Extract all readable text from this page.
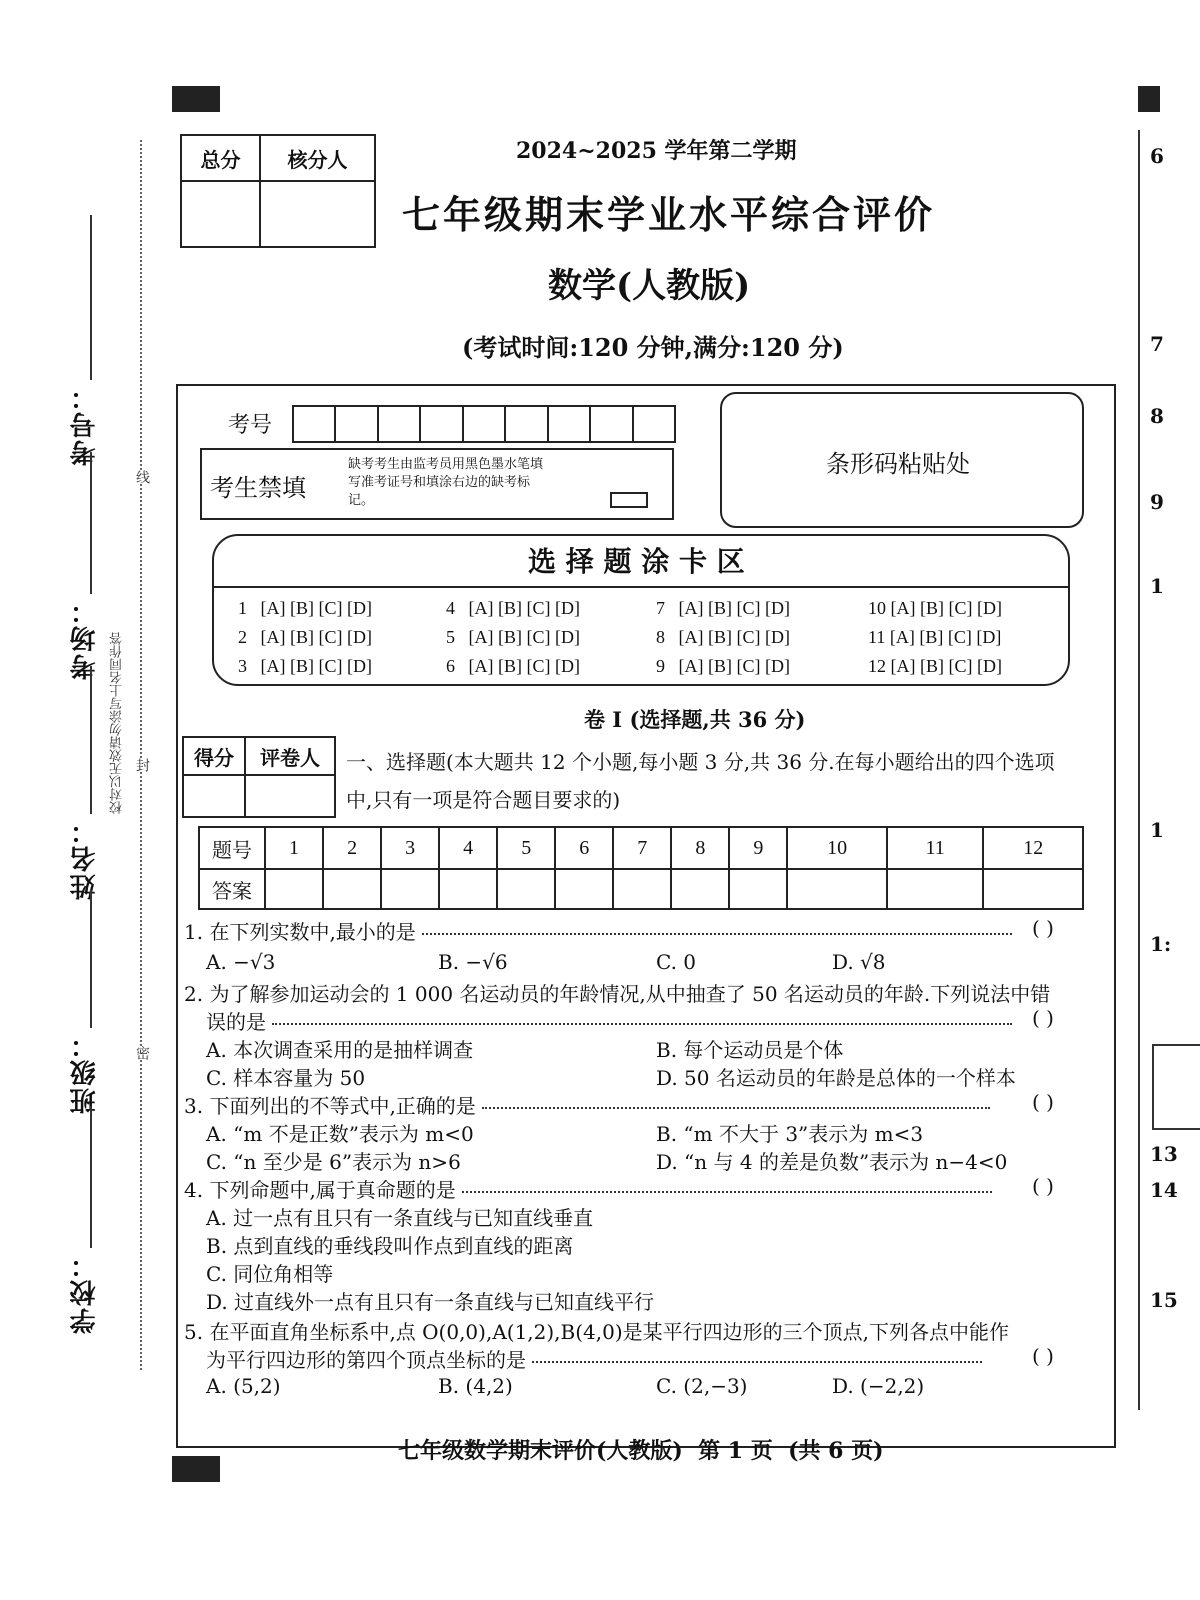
考号：
考场：
姓名：
班级：
学校：
线
封
密
校对以无效请勿涂写上名同作答
总分	核分人
		2024~2025 学年第二学期
七年级期末学业水平综合评价
数学(人教版)
(考试时间:120 分钟,满分:120 分)
考号
考生禁填
缺考考生由监考员用黑色墨水笔填写准考证号和填涂右边的缺考标记。
条形码粘贴处
选 择 题 涂 卡 区
1 [A] [B] [C] [D]
2 [A] [B] [C] [D]
3 [A] [B] [C] [D]
4 [A] [B] [C] [D]
5 [A] [B] [C] [D]
6 [A] [B] [C] [D]
7 [A] [B] [C] [D]
8 [A] [B] [C] [D]
9 [A] [B] [C] [D]
10 [A] [B] [C] [D]
11 [A] [B] [C] [D]
12 [A] [B] [C] [D]
卷 I (选择题,共 36 分)
得分	评卷人
	一、选择题(本大题共 12 个小题,每小题 3 分,共 36 分.在每小题给出的四个选项
中,只有一项是符合题目要求的)
题号	1	2	3	4	5	6	7	8	9	10	11	12
答案												
1. 在下列实数中,最小的是	( )
A. −√3	B. −√6	C. 0	D. √8
2. 为了解参加运动会的 1 000 名运动员的年龄情况,从中抽查了 50 名运动员的年龄.下列说法中错
误的是	( )
A. 本次调查采用的是抽样调查	B. 每个运动员是个体
C. 样本容量为 50	D. 50 名运动员的年龄是总体的一个样本
3. 下面列出的不等式中,正确的是	( )
A. “m 不是正数”表示为 m<0	B. “m 不大于 3”表示为 m<3
C. “n 至少是 6”表示为 n>6	D. “n 与 4 的差是负数”表示为 n−4<0
4. 下列命题中,属于真命题的是	( )
A. 过一点有且只有一条直线与已知直线垂直
B. 点到直线的垂线段叫作点到直线的距离
C. 同位角相等
D. 过直线外一点有且只有一条直线与已知直线平行
5. 在平面直角坐标系中,点 O(0,0),A(1,2),B(4,0)是某平行四边形的三个顶点,下列各点中能作
为平行四边形的第四个顶点坐标的是	( )
A. (5,2)	B. (4,2)	C. (2,−3)	D. (−2,2)
七年级数学期末评价(人教版)  第 1 页  (共 6 页)
6
7
8
9
1
1
1:
13
14
15
